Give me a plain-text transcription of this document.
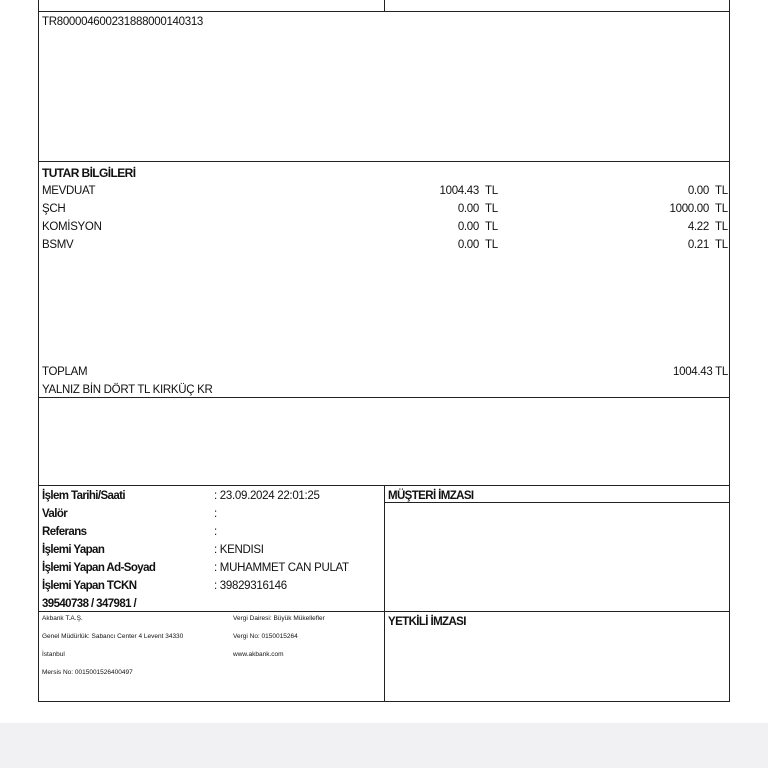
TR800004600231888000140313
TUTAR BİLGİLERİ
MEVDUAT	1004.43 TL	0.00 TL
ŞCH	0.00 TL	1000.00 TL
KOMİSYON	0.00 TL	4.22 TL
BSMV	0.00 TL	0.21 TL
TOPLAM	1004.43 TL
YALNIZ BİN DÖRT TL KIRKÜÇ KR
İşlem Tarihi/Saati	: 23.09.2024 22:01:25
Valör	:
Referans	:
İşlemi Yapan	: KENDISI
İşlemi Yapan Ad-Soyad	: MUHAMMET CAN PULAT
İşlemi Yapan TCKN	: 39829316146
39540738 / 347981 /
MÜŞTERİ İMZASI
YETKİLİ İMZASI
Akbank T.A.Ş.
Genel Müdürlük: Sabancı Center 4 Levent 34330
İstanbul
Mersis No: 0015001526400497
Vergi Dairesi: Büyük Mükellefler
Vergi No: 0150015264
www.akbank.com
